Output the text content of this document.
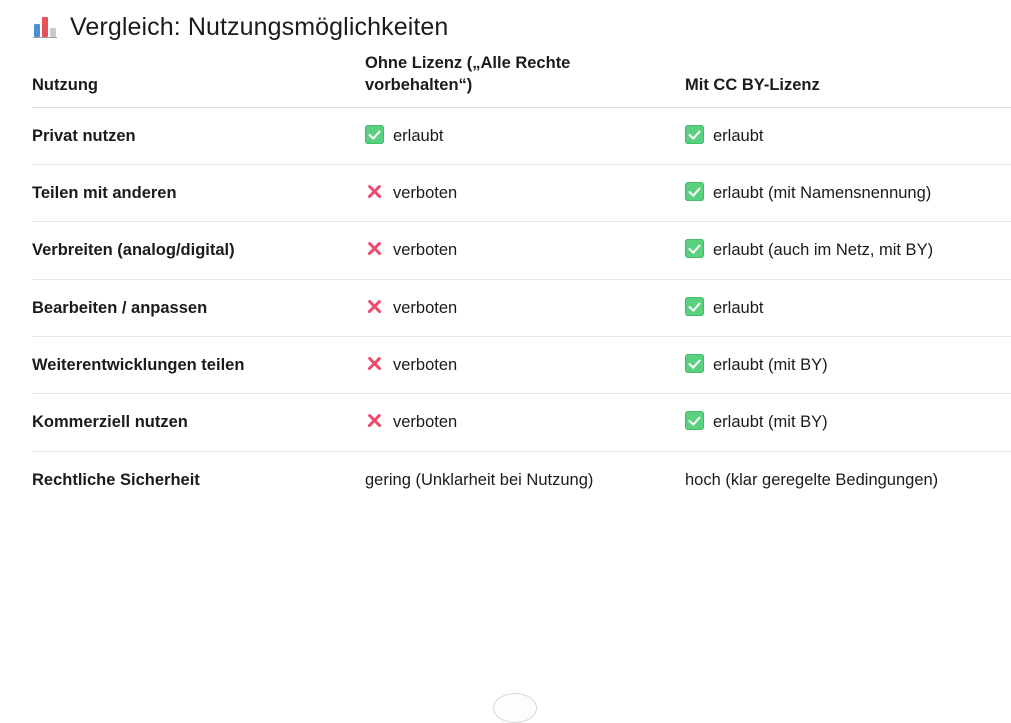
Vergleich: Nutzungsmöglichkeiten
Nutzung	Ohne Lizenz („Alle Rechte vorbehalten“)	Mit CC BY-Lizenz
Privat nutzen	erlaubt	erlaubt

Teilen mit anderen	verboten	erlaubt (mit Namensnennung)

Verbreiten (analog/digital)	verboten	erlaubt (auch im Netz, mit BY)

Bearbeiten / anpassen	verboten	erlaubt

Weiterentwicklungen teilen	verboten	erlaubt (mit BY)

Kommerziell nutzen	verboten	erlaubt (mit BY)

Rechtliche Sicherheit	gering (Unklarheit bei Nutzung)	hoch (klar geregelte Bedingungen)
